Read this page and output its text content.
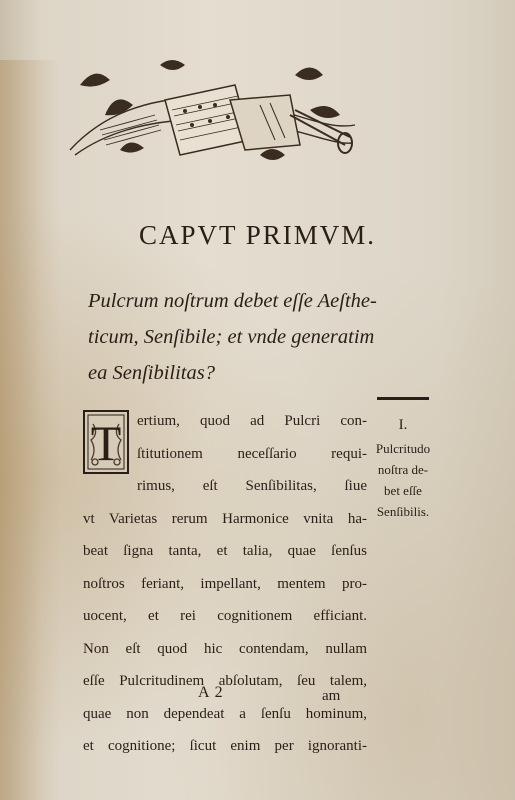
CAPVT PRIMVM.
Pulcrum noſtrum debet eſſe Aeſthe-
ticum, Senſibile; et vnde generatim
ea Senſibilitas?
T	ertium, quod ad Pulcri con-
ſtitutionem neceſſario requi-
rimus, eſt Senſibilitas, ſiue
vt Varietas rerum Harmonice vnita ha-
beat ſigna tanta, et talia, quae ſenſus
noſtros feriant, impellant, mentem pro-
uocent, et rei cognitionem efficiant.
Non eſt quod hic contendam, nullam
eſſe Pulcritudinem abſolutam, ſeu talem,
quae non dependeat a ſenſu hominum,
et cognitione; ſicut enim per ignoranti-
I.
Pulcritudo
noſtra de-
bet eſſe
Senſibilis.
A 2	am
